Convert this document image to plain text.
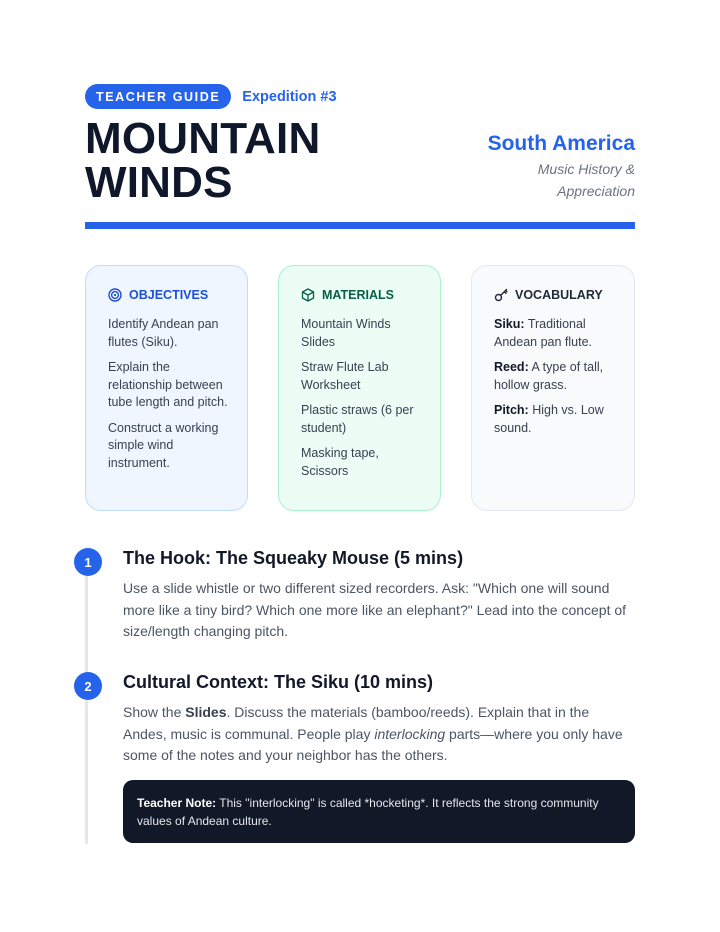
TEACHER GUIDE	Expedition #3
MOUNTAIN
WINDS
South America
Music History & Appreciation
OBJECTIVES

Identify Andean pan flutes (Siku).

Explain the relationship between tube length and pitch.

Construct a working simple wind instrument.

MATERIALS

Mountain Winds Slides

Straw Flute Lab Worksheet

Plastic straws (6 per student)

Masking tape, Scissors

VOCABULARY

Siku: Traditional Andean pan flute.

Reed: A type of tall, hollow grass.

Pitch: High vs. Low sound.

1	The Hook: The Squeaky Mouse (5 mins)

Use a slide whistle or two different sized recorders. Ask: "Which one will sound more like a tiny bird? Which one more like an elephant?" Lead into the concept of size/length changing pitch.

2	Cultural Context: The Siku (10 mins)

Show the Slides. Discuss the materials (bamboo/reeds). Explain that in the Andes, music is communal. People play interlocking parts—where you only have some of the notes and your neighbor has the others.

Teacher Note: This "interlocking" is called *hocketing*. It reflects the strong community values of Andean culture.
